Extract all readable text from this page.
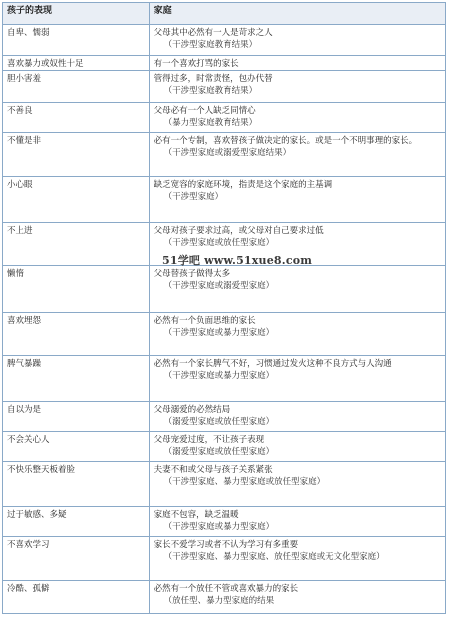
孩子的表现	家庭
自卑、懦弱	父母其中必然有一人是苛求之人
（干涉型家庭教育结果）
喜欢暴力或奴性十足	有一个喜欢打骂的家长
胆小害羞	管得过多，时常责怪，包办代替
（干涉型家庭教育结果）
不善良	父母必有一个人缺乏同情心
（暴力型家庭教育结果）
不懂是非	必有一个专制，喜欢替孩子做决定的家长。或是一个不明事理的家长。
（干涉型家庭或溺爱型家庭结果）
小心眼	缺乏宽容的家庭环境，指责是这个家庭的主基调
（干涉型家庭）
不上进	父母对孩子要求过高，或父母对自己要求过低
（干涉型家庭或放任型家庭）
懒惰	父母替孩子做得太多
（干涉型家庭或溺爱型家庭）
喜欢埋怨	必然有一个负面思维的家长
（干涉型家庭或暴力型家庭）
脾气暴躁	必然有一个家长脾气不好，习惯通过发火这种不良方式与人沟通
（干涉型家庭或暴力型家庭）
自以为是	父母溺爱的必然结局
（溺爱型家庭或放任型家庭）
不会关心人	父母宠爱过度，不让孩子表现
（溺爱型家庭或放任型家庭）
不快乐整天板着脸	夫妻不和或父母与孩子关系紧张
（干涉型家庭、暴力型家庭或放任型家庭）
过于敏感、多疑	家庭不包容，缺乏温暖
（干涉型家庭或暴力型家庭）
不喜欢学习	家长不爱学习或者不认为学习有多重要
（干涉型家庭、暴力型家庭、放任型家庭或无文化型家庭）
冷酷、孤僻	必然有一个放任不管或喜欢暴力的家长
（放任型、暴力型家庭的结果
51学吧 www.51xue8.com
